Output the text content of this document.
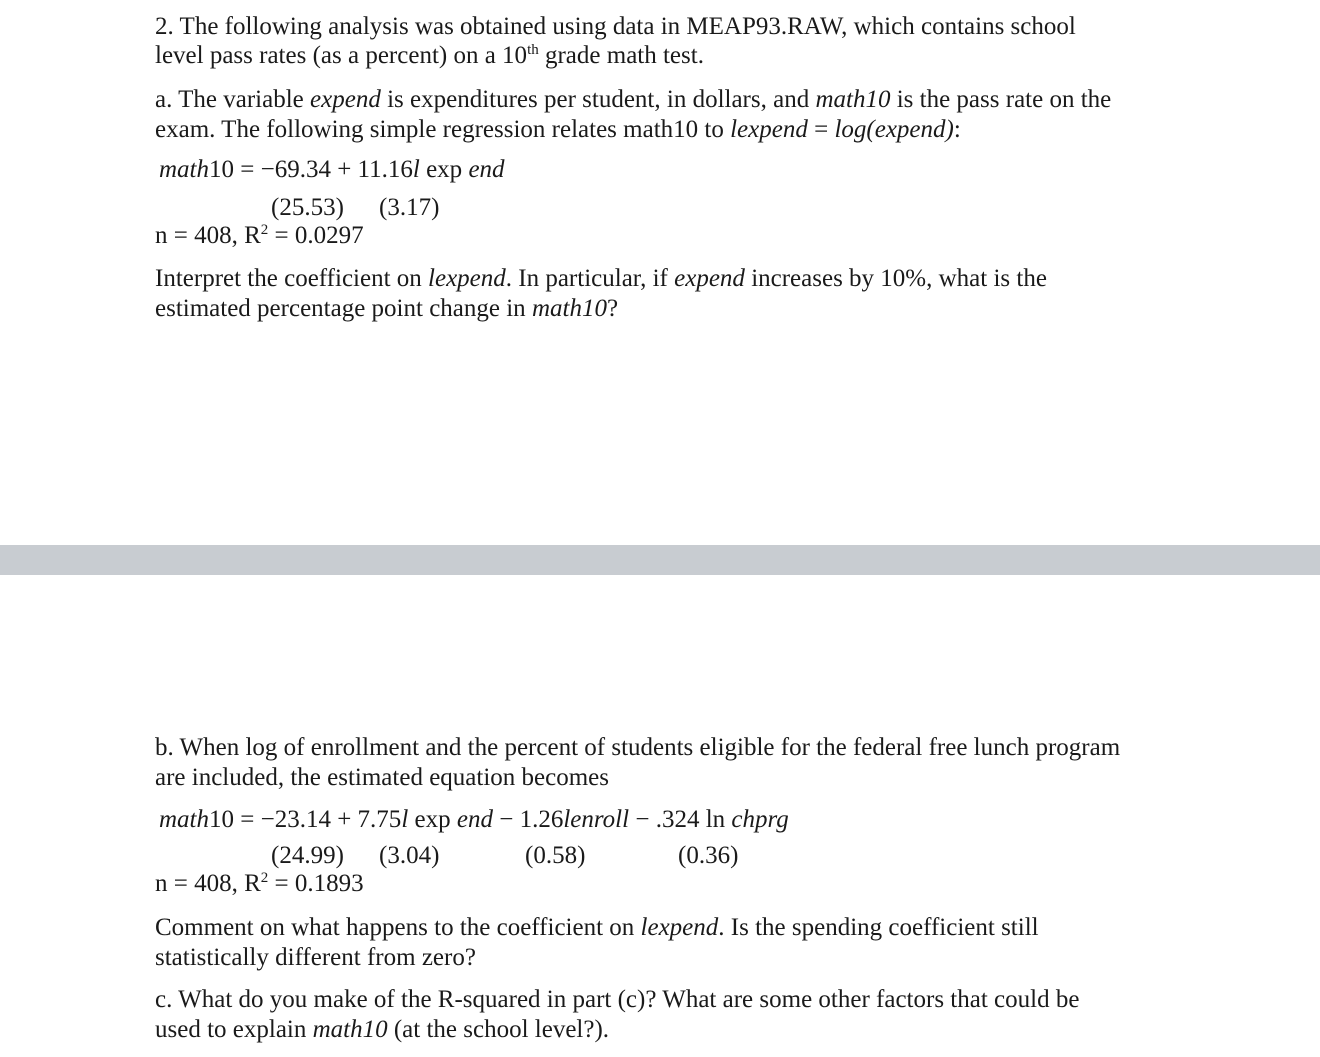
2. The following analysis was obtained using data in MEAP93.RAW, which contains school

level pass rates (as a percent) on a 10th grade math test.

a. The variable expend is expenditures per student, in dollars, and math10 is the pass rate on the

exam. The following simple regression relates math10 to lexpend = log(expend):

math10 = −69.34 + 11.16l exp end

(25.53) (3.17)

n = 408, $R^2 = 0.0297$

Interpret the coefficient on lexpend. In particular, if expend increases by 10%, what is the

estimated percentage point change in math10?

b. When log of enrollment and the percent of students eligible for the federal free lunch program

are included, the estimated equation becomes

math10 = −23.14 + 7.75l exp end − 1.26lenroll − .324 ln chprg

(24.99) (3.04)	(0.58)	(0.36)

n = 408, $R^2 = 0.1893$

Comment on what happens to the coefficient on lexpend. Is the spending coefficient still

statistically different from zero?

c. What do you make of the R-squared in part (c)? What are some other factors that could be

used to explain math10 (at the school level?).
